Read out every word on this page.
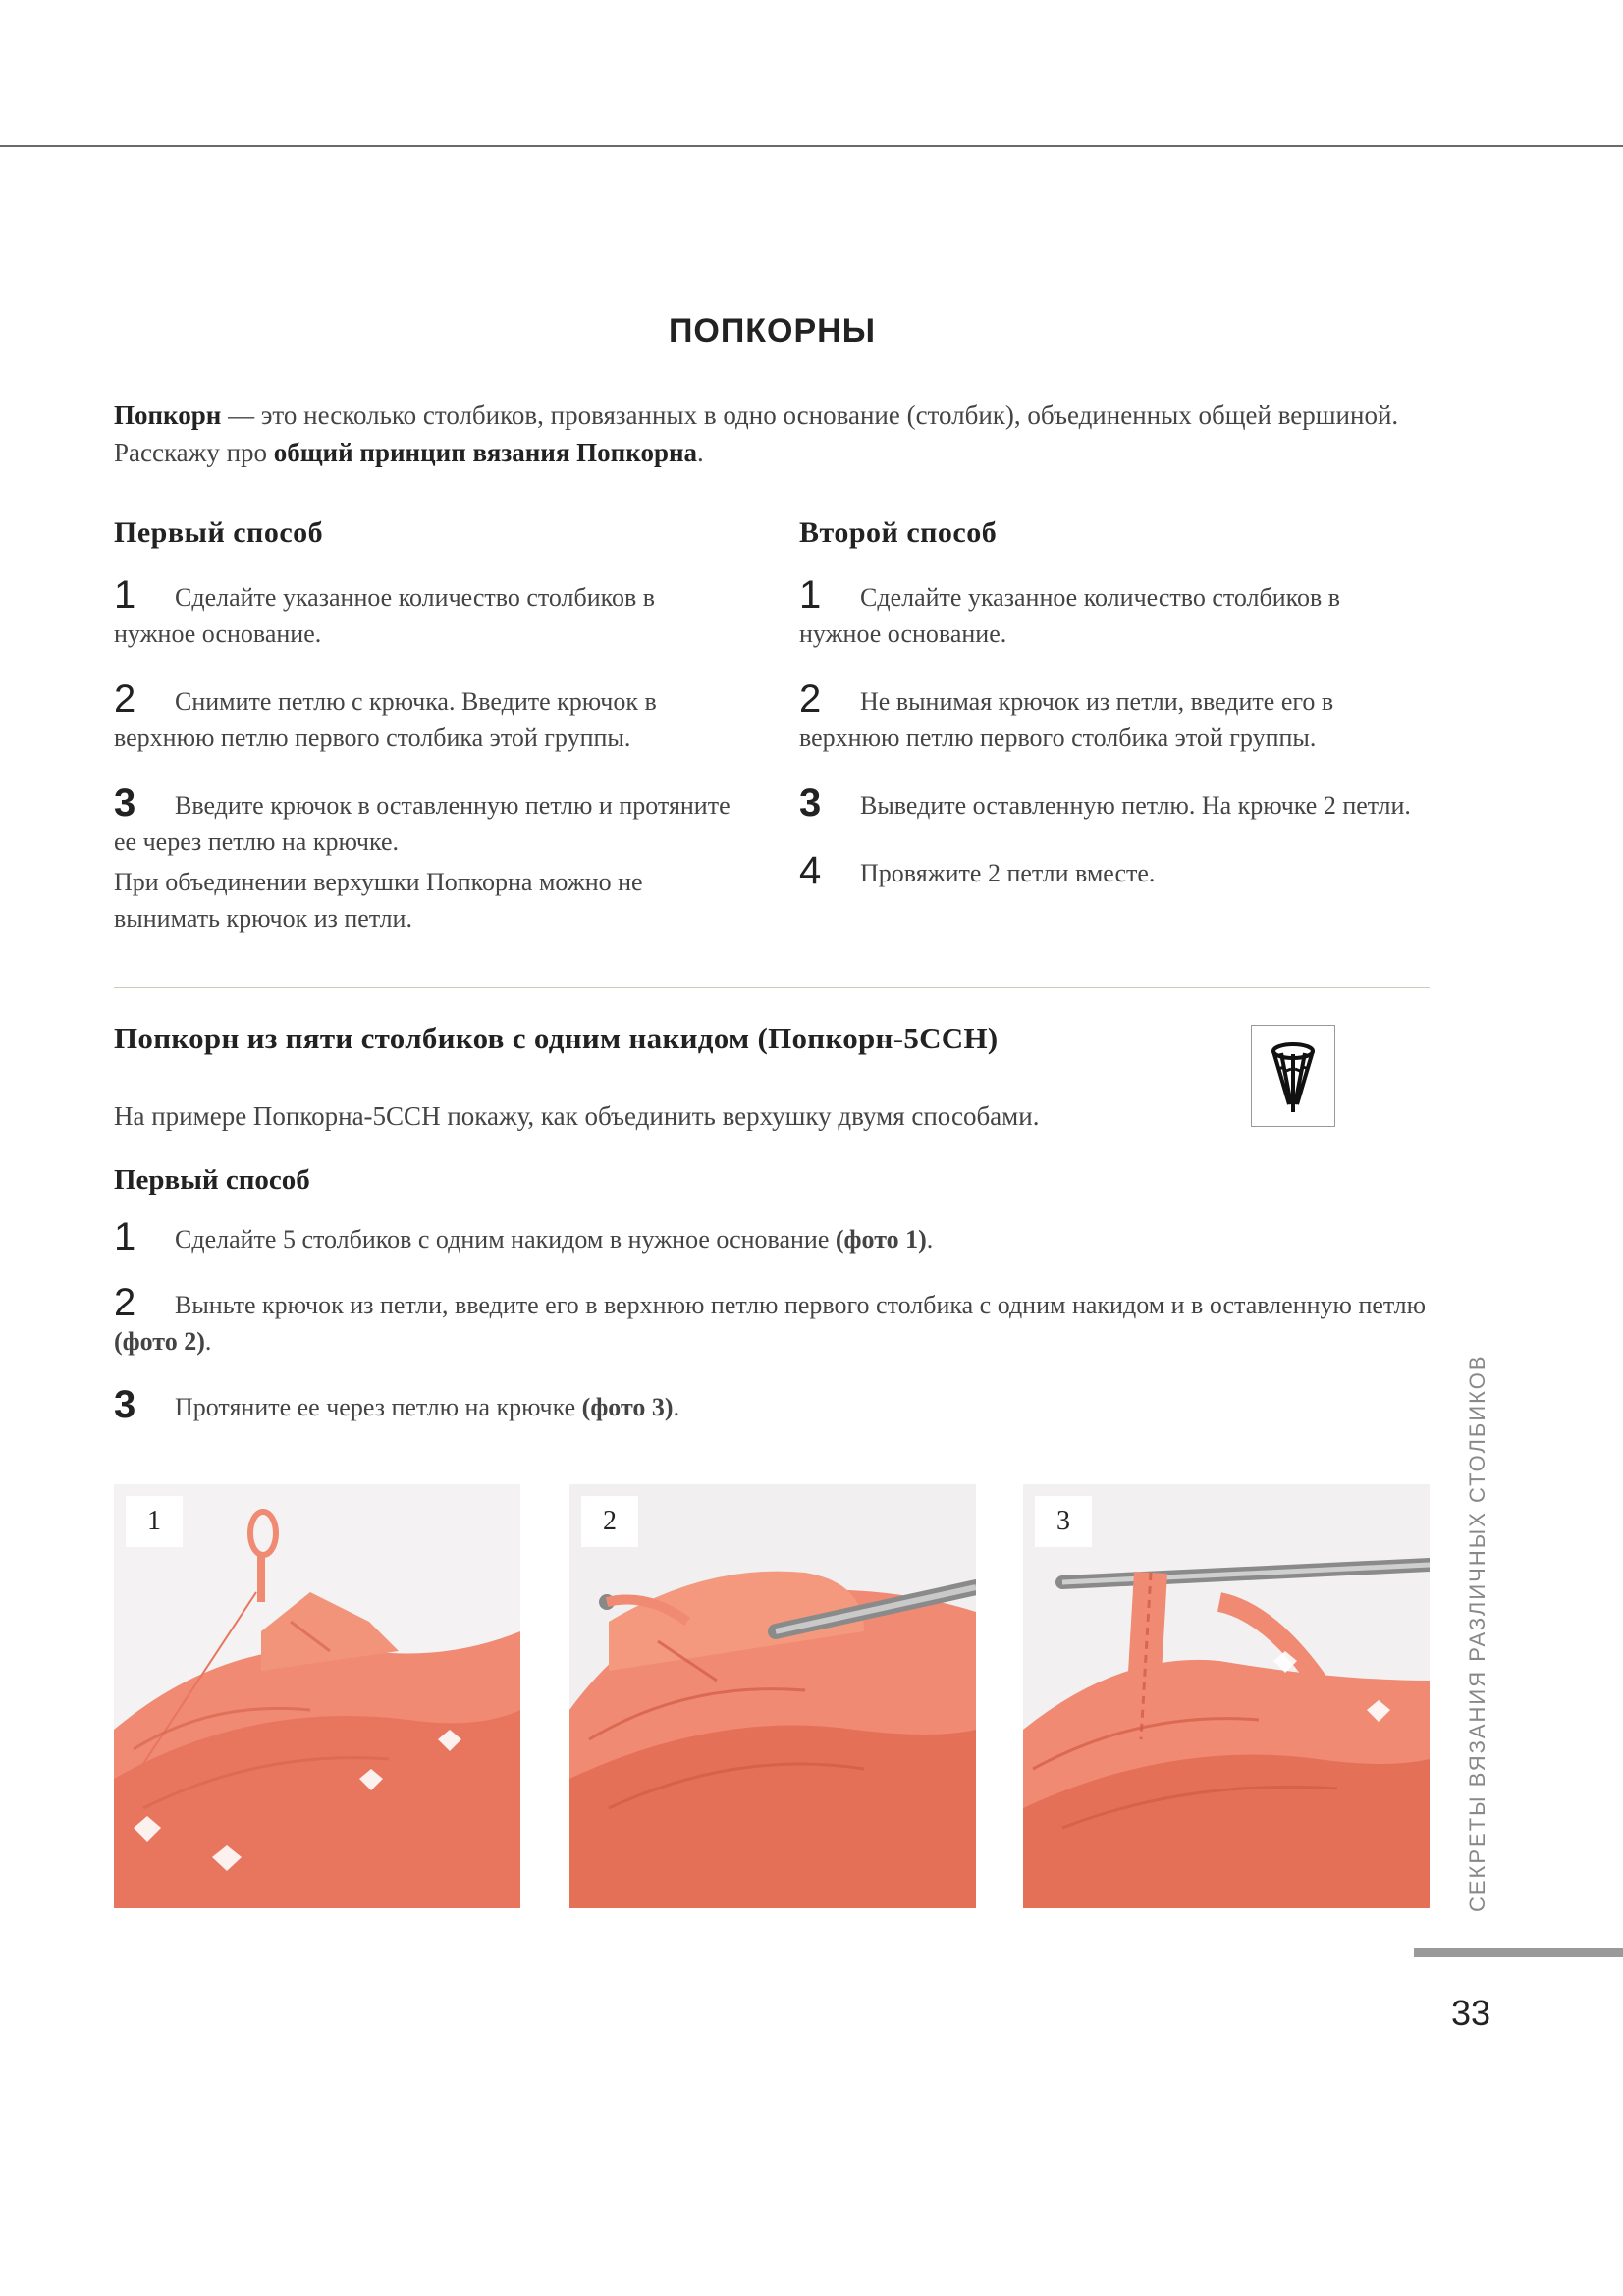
ПОПКОРНЫ
Попкорн — это несколько столбиков, провязанных в одно основание (столбик), объединенных общей вершиной. Расскажу про общий принцип вязания Попкорна.
Первый способ
1 Сделайте указанное количество столбиков в нужное основание.
2 Снимите петлю с крючка. Введите крючок в верхнюю петлю первого столбика этой группы.
3 Введите крючок в оставленную петлю и протяните ее через петлю на крючке.
При объединении верхушки Попкорна можно не вынимать крючок из петли.
Второй способ
1 Сделайте указанное количество столбиков в нужное основание.
2 Не вынимая крючок из петли, введите его в верхнюю петлю первого столбика этой группы.
3 Выведите оставленную петлю. На крючке 2 петли.
4 Провяжите 2 петли вместе.
Попкорн из пяти столбиков с одним накидом (Попкорн-5ССН)
На примере Попкорна-5ССН покажу, как объединить верхушку двумя способами.
Первый способ
1 Сделайте 5 столбиков с одним накидом в нужное основание (фото 1).
2 Выньте крючок из петли, введите его в верхнюю петлю первого столбика с одним накидом и в оставленную петлю (фото 2).
3 Протяните ее через петлю на крючке (фото 3).
1	2	3	СЕКРЕТЫ ВЯЗАНИЯ РАЗЛИЧНЫХ СТОЛБИКОВ
33
